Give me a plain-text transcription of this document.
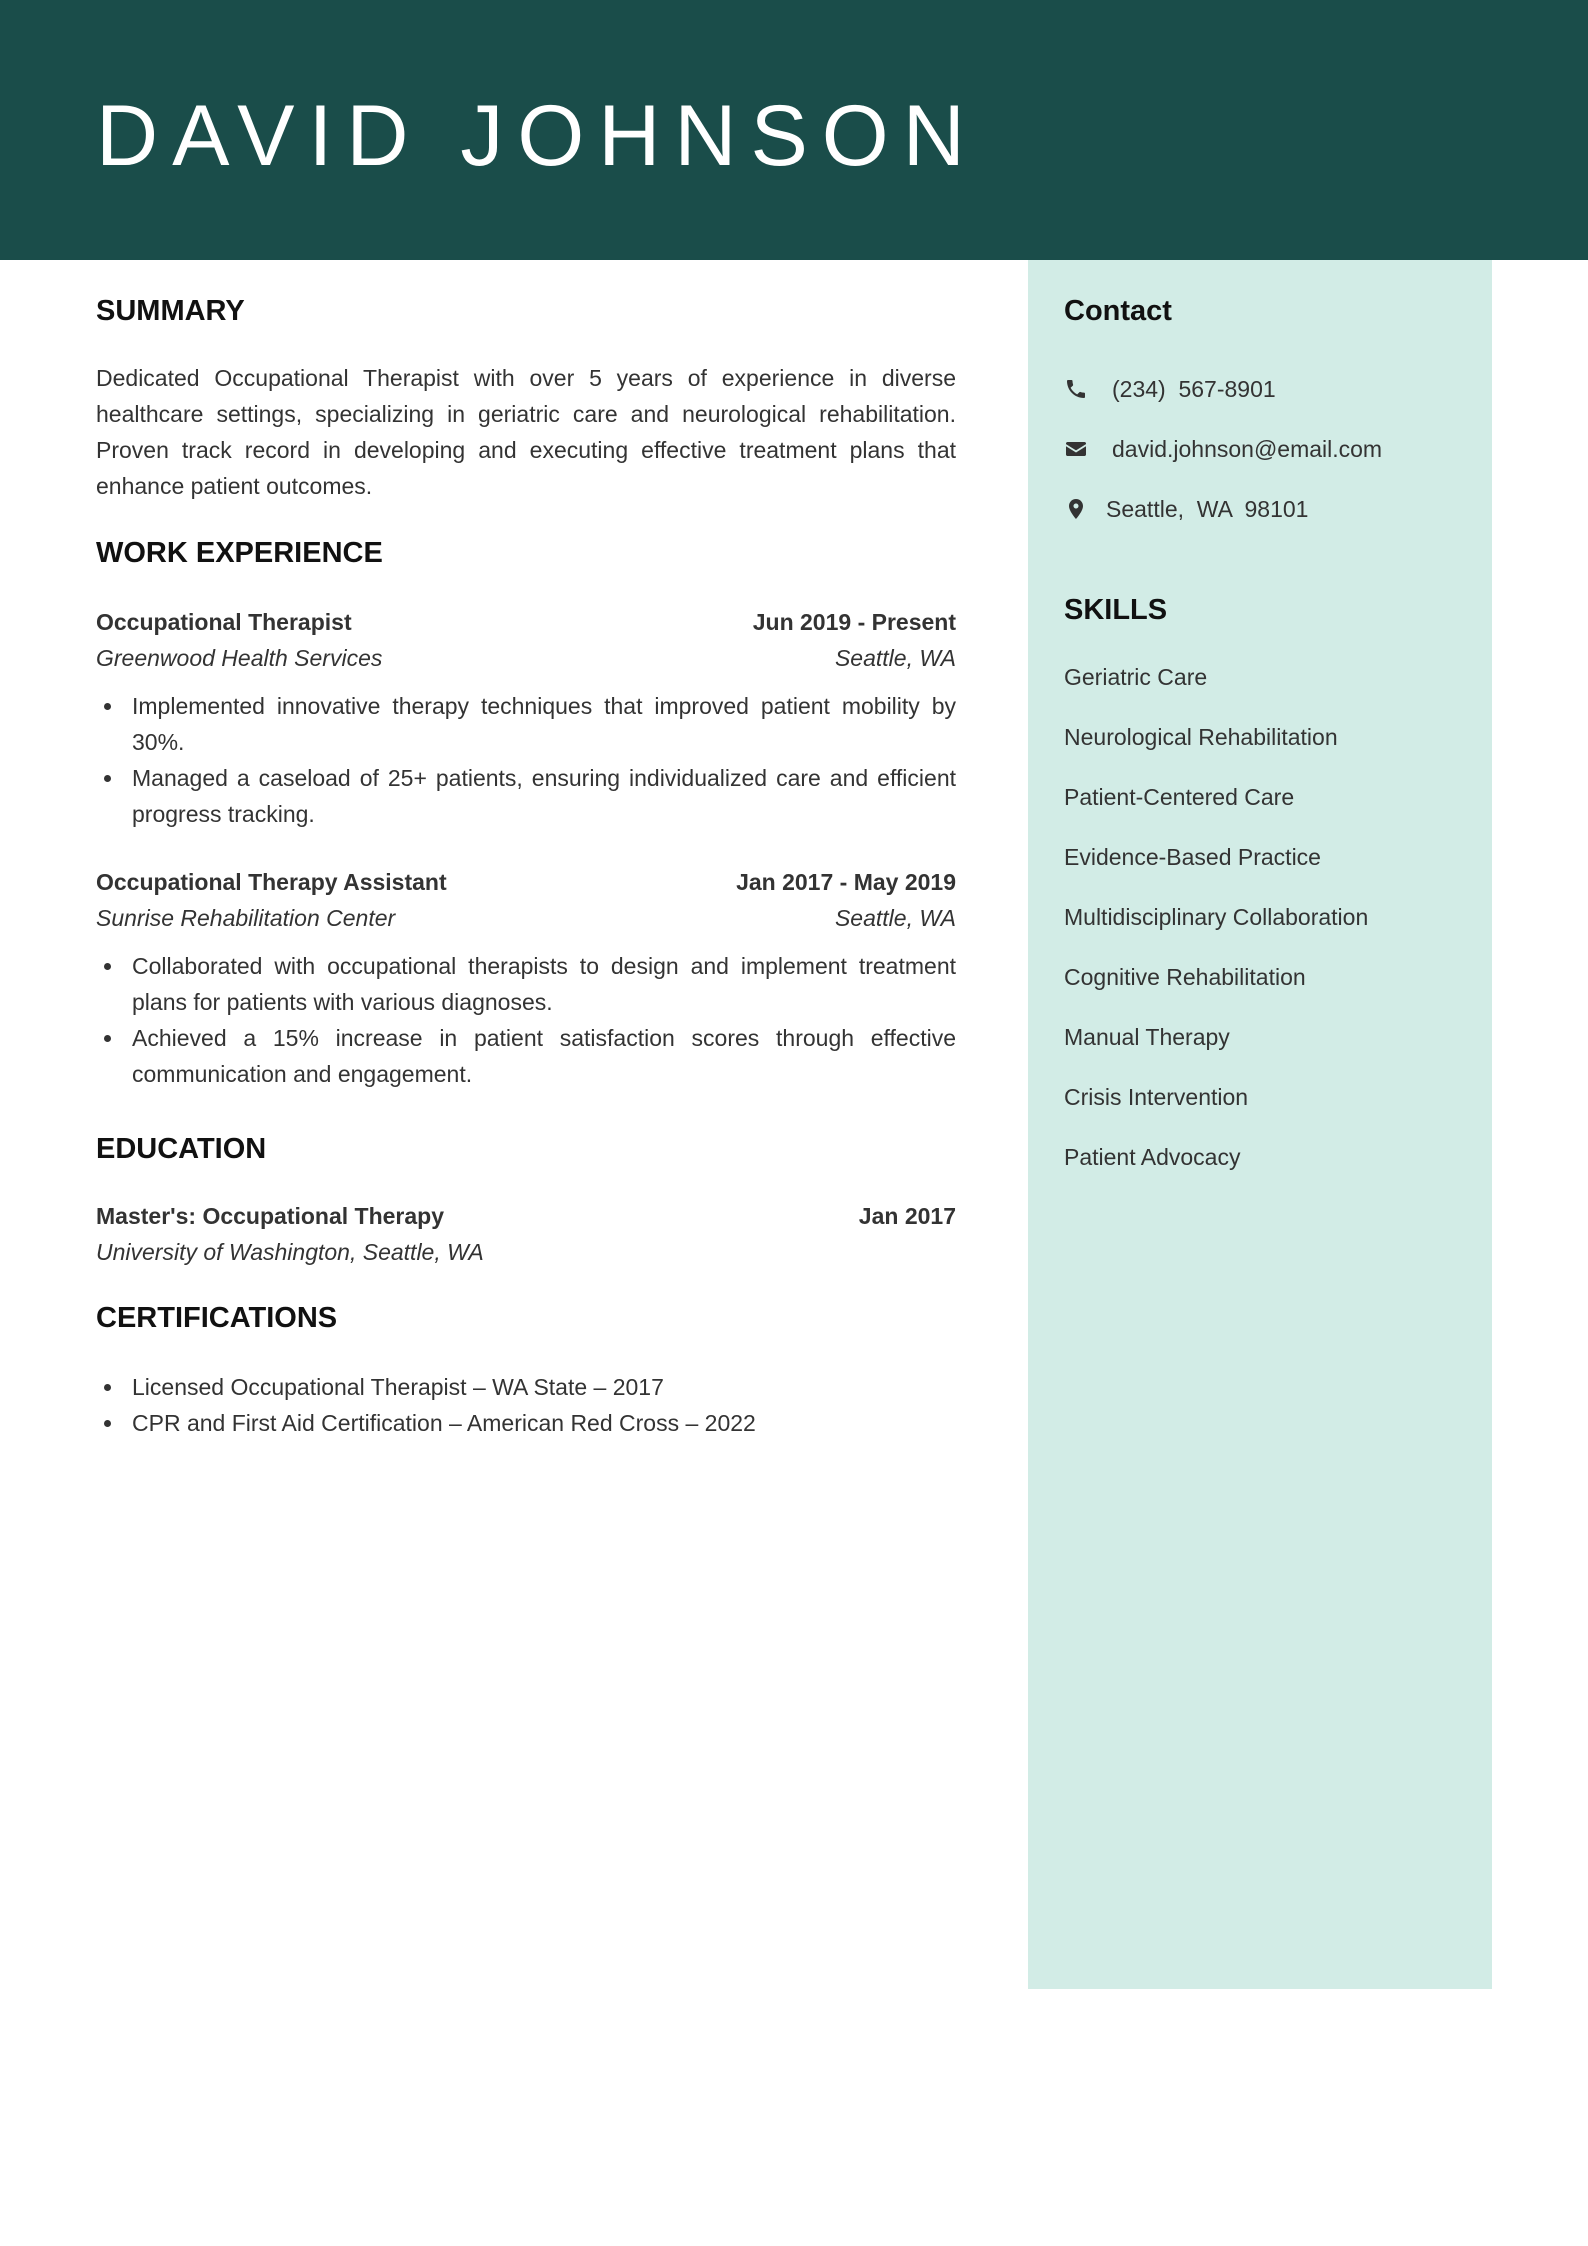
DAVID JOHNSON
SUMMARY
Dedicated Occupational Therapist with over 5 years of experience in diverse healthcare settings, specializing in geriatric care and neurological rehabilitation. Proven track record in developing and executing effective treatment plans that enhance patient outcomes.
WORK EXPERIENCE
Occupational Therapist	Jun 2019 - Present
Greenwood Health Services	Seattle, WA
Implemented innovative therapy techniques that improved patient mobility by 30%.
Managed a caseload of 25+ patients, ensuring individualized care and efficient progress tracking.
Occupational Therapy Assistant	Jan 2017 - May 2019
Sunrise Rehabilitation Center	Seattle, WA
Collaborated with occupational therapists to design and implement treatment plans for patients with various diagnoses.
Achieved a 15% increase in patient satisfaction scores through effective communication and engagement.
EDUCATION
Master's: Occupational Therapy	Jan 2017
University of Washington, Seattle, WA
CERTIFICATIONS
Licensed Occupational Therapist – WA State – 2017
CPR and First Aid Certification – American Red Cross – 2022
Contact
(234)  567-8901
david.johnson@email.com
Seattle,  WA  98101
SKILLS
Geriatric Care
Neurological Rehabilitation
Patient-Centered Care
Evidence-Based Practice
Multidisciplinary Collaboration
Cognitive Rehabilitation
Manual Therapy
Crisis Intervention
Patient Advocacy
